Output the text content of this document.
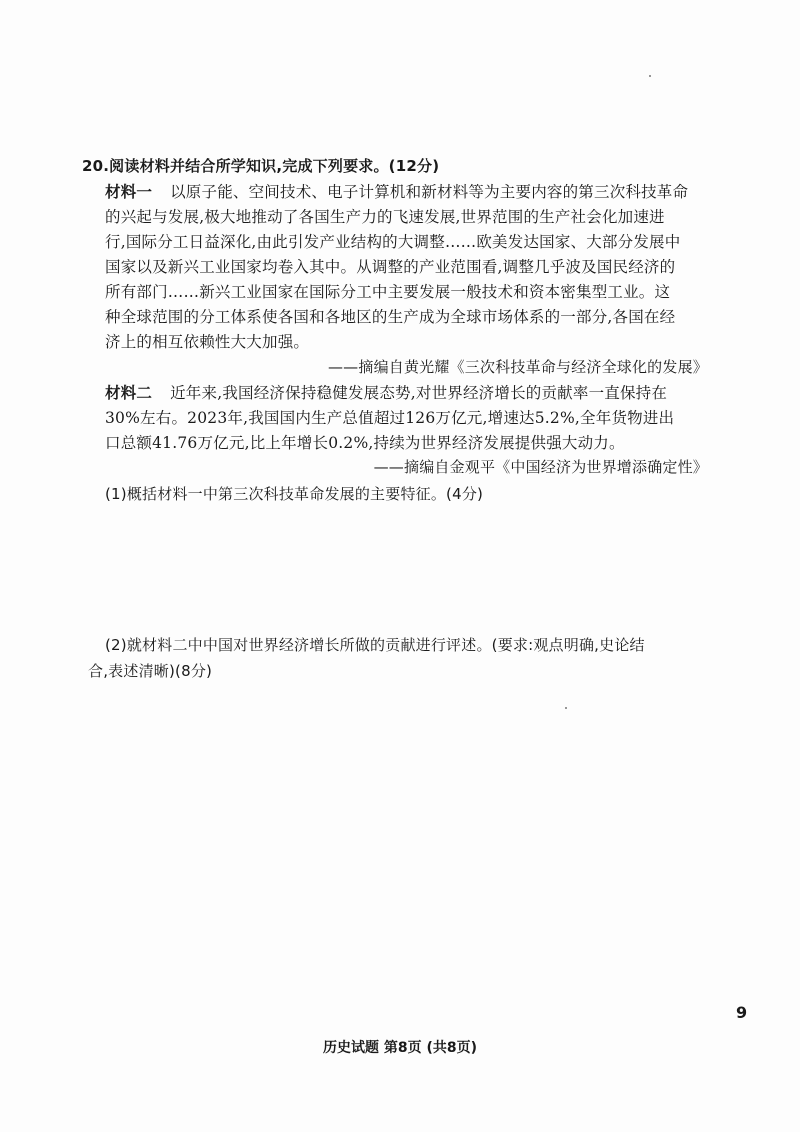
20.阅读材料并结合所学知识,完成下列要求。(12分)
材料一 以原子能、空间技术、电子计算机和新材料等为主要内容的第三次科技革命
的兴起与发展,极大地推动了各国生产力的飞速发展,世界范围的生产社会化加速进
行,国际分工日益深化,由此引发产业结构的大调整……欧美发达国家、大部分发展中
国家以及新兴工业国家均卷入其中。从调整的产业范围看,调整几乎波及国民经济的
所有部门……新兴工业国家在国际分工中主要发展一般技术和资本密集型工业。这
种全球范围的分工体系使各国和各地区的生产成为全球市场体系的一部分,各国在经
济上的相互依赖性大大加强。
——摘编自黄光耀《三次科技革命与经济全球化的发展》
材料二 近年来,我国经济保持稳健发展态势,对世界经济增长的贡献率一直保持在
30%左右。2023年,我国国内生产总值超过126万亿元,增速达5.2%,全年货物进出
口总额41.76万亿元,比上年增长0.2%,持续为世界经济发展提供强大动力。
——摘编自金观平《中国经济为世界增添确定性》
(1)概括材料一中第三次科技革命发展的主要特征。(4分)
(2)就材料二中中国对世界经济增长所做的贡献进行评述。(要求:观点明确,史论结
合,表述清晰)(8分)
9
历史试题 第8页 (共8页)
